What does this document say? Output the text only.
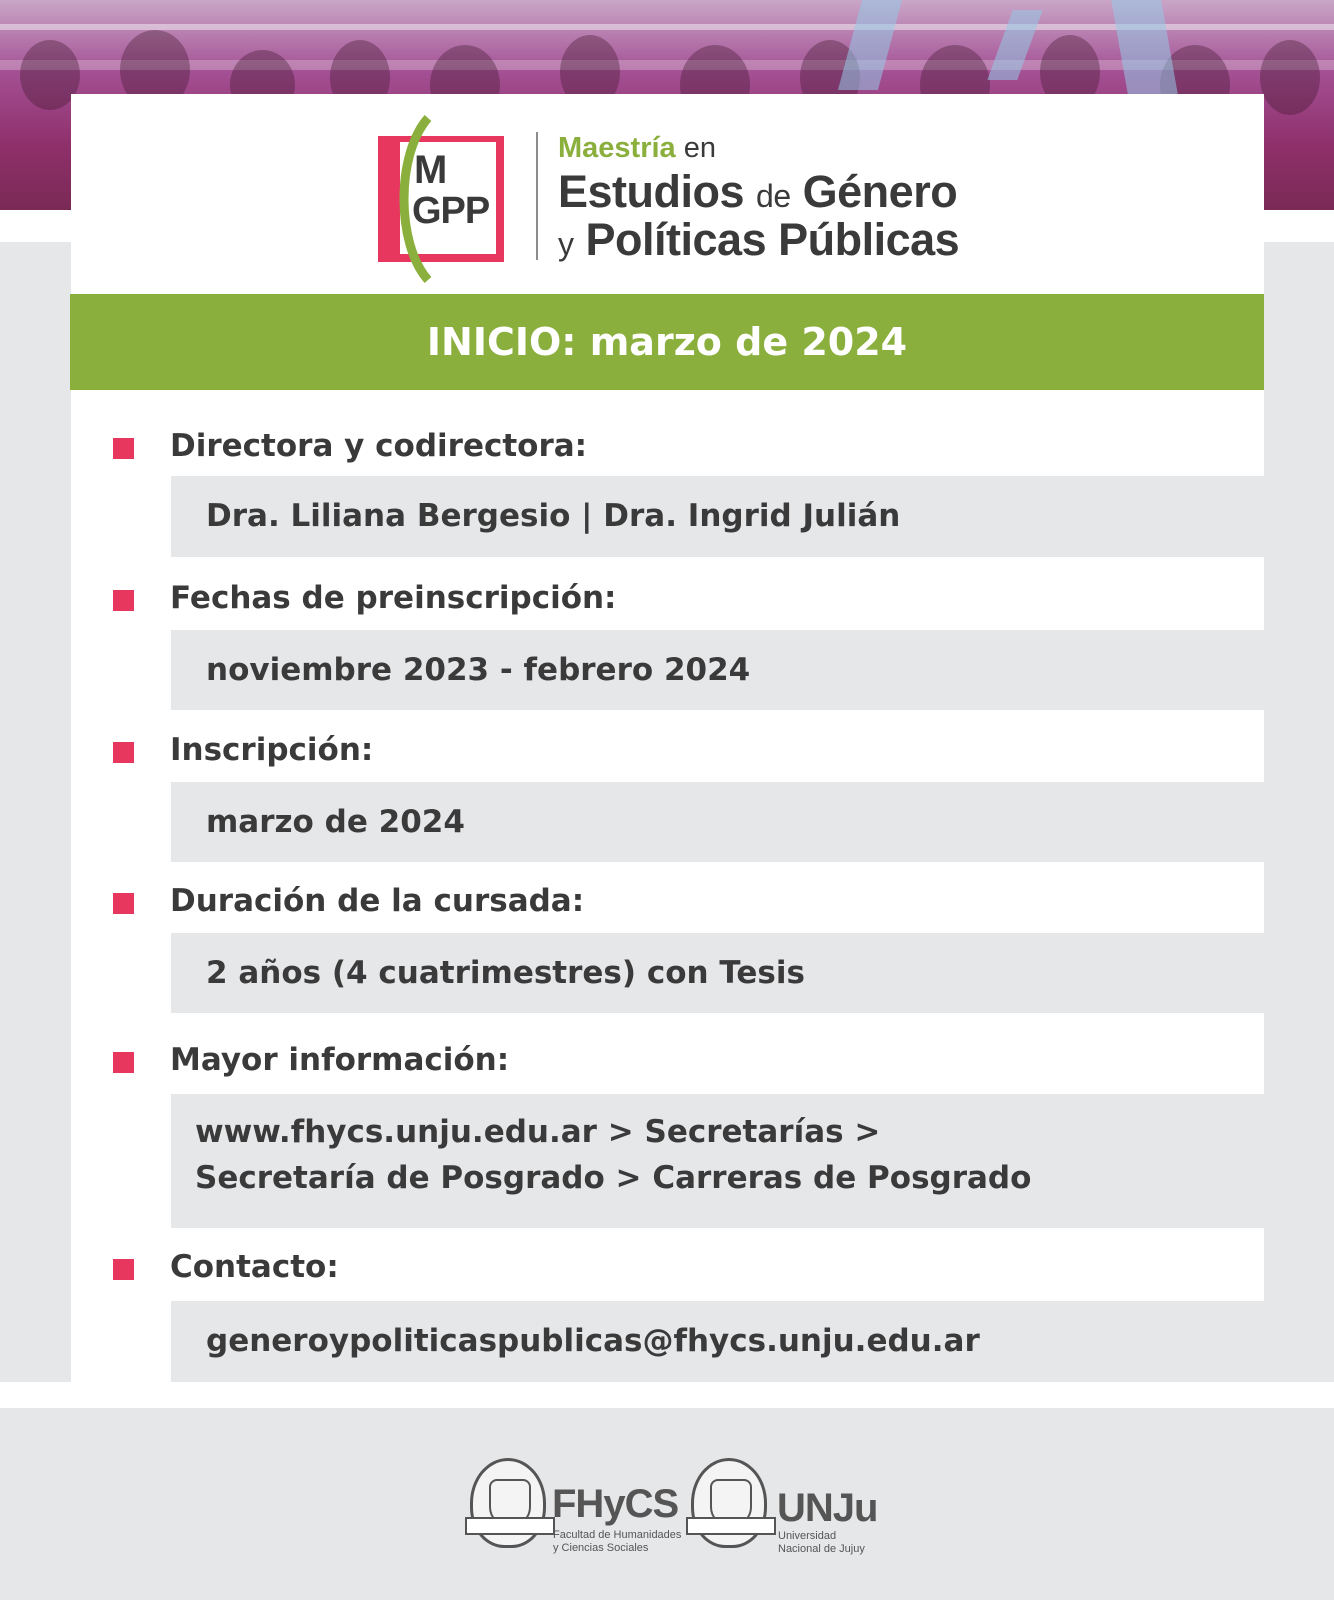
M
GPP
Maestría en
Estudios de Género
y Políticas Públicas
INICIO: marzo de 2024
Directora y codirectora:
Dra. Liliana Bergesio | Dra. Ingrid Julián
Fechas de preinscripción:
noviembre 2023 - febrero 2024
Inscripción:
marzo de 2024
Duración de la cursada:
2 años (4 cuatrimestres) con Tesis
Mayor información:
www.fhycs.unju.edu.ar > Secretarías >
Secretaría de Posgrado > Carreras de Posgrado
Contacto:
generoypoliticaspublicas@fhycs.unju.edu.ar
FHyCS
Facultad de Humanidades
y Ciencias Sociales
UNJu
Universidad
Nacional de Jujuy
